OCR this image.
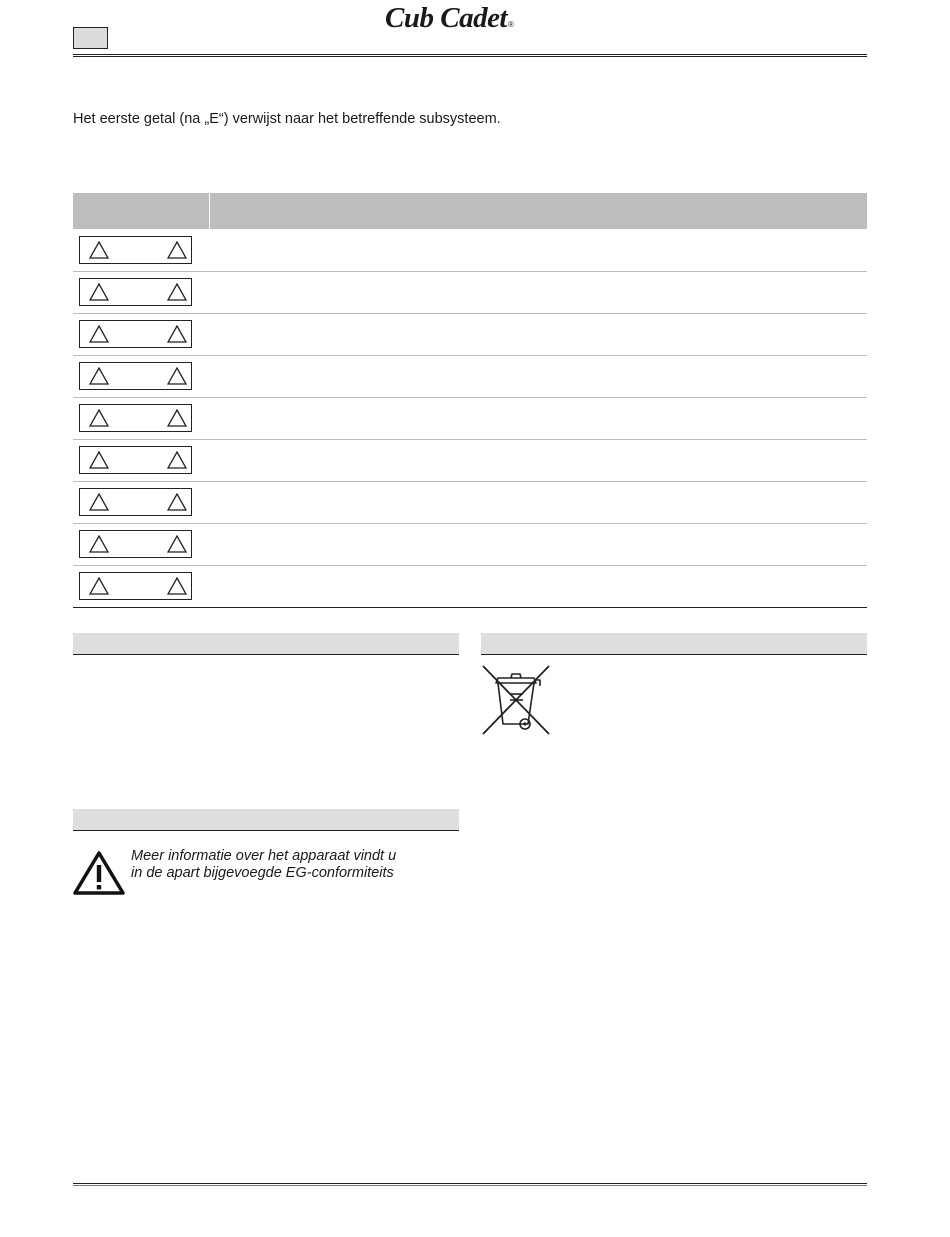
Cub Cadet®
Het eerste getal (na „E“) verwijst naar het betreffende subsysteem.
Meer informatie over het apparaat vindt u
in de apart bijgevoegde EG-conformiteits
